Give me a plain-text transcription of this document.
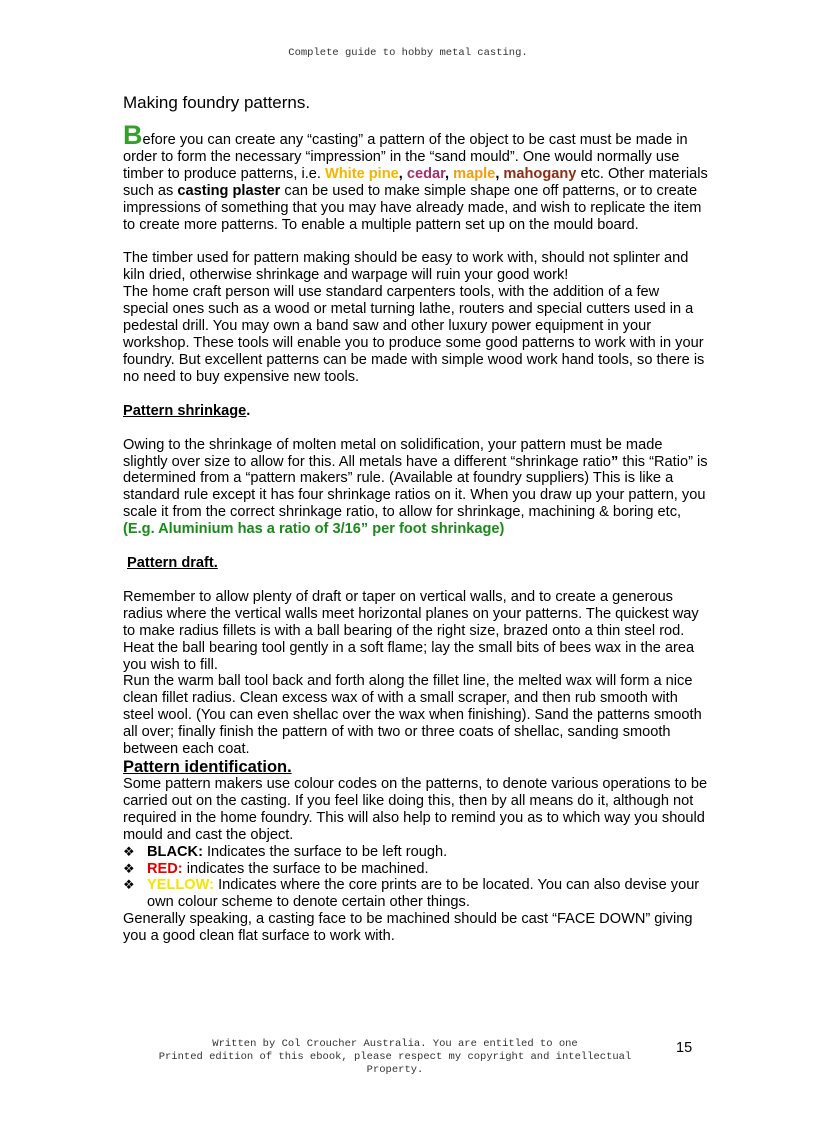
Complete guide to hobby metal casting.

Making foundry patterns.

Before you can create any “casting” a pattern of the object to be cast must be made in order to form the necessary “impression” in the “sand mould”. One would normally use timber to produce patterns, i.e. White pine, cedar, maple, mahogany etc. Other materials such as casting plaster can be used to make simple shape one off patterns, or to create impressions of something that you may have already made, and wish to replicate the item to create more patterns. To enable a multiple pattern set up on the mould board.

The timber used for pattern making should be easy to work with, should not splinter and kiln dried, otherwise shrinkage and warpage will ruin your good work!

The home craft person will use standard carpenters tools, with the addition of a few special ones such as a wood or metal turning lathe, routers and special cutters used in a pedestal drill. You may own a band saw and other luxury power equipment in your workshop. These tools will enable you to produce some good patterns to work with in your foundry. But excellent patterns can be made with simple wood work hand tools, so there is no need to buy expensive new tools.

Pattern shrinkage.

Owing to the shrinkage of molten metal on solidification, your pattern must be made slightly over size to allow for this. All metals have a different “shrinkage ratio” this “Ratio” is determined from a “pattern makers” rule. (Available at foundry suppliers) This is like a standard rule except it has four shrinkage ratios on it. When you draw up your pattern, you scale it from the correct shrinkage ratio, to allow for shrinkage, machining & boring etc, (E.g. Aluminium has a ratio of 3/16” per foot shrinkage)

Pattern draft.

Remember to allow plenty of draft or taper on vertical walls, and to create a generous radius where the vertical walls meet horizontal planes on your patterns. The quickest way to make radius fillets is with a ball bearing of the right size, brazed onto a thin steel rod. Heat the ball bearing tool gently in a soft flame; lay the small bits of bees wax in the area you wish to fill.

Run the warm ball tool back and forth along the fillet line, the melted wax will form a nice clean fillet radius. Clean excess wax of with a small scraper, and then rub smooth with steel wool. (You can even shellac over the wax when finishing). Sand the patterns smooth all over; finally finish the pattern of with two or three coats of shellac, sanding smooth between each coat.

Pattern identification.

Some pattern makers use colour codes on the patterns, to denote various operations to be carried out on the casting. If you feel like doing this, then by all means do it, although not required in the home foundry. This will also help to remind you as to which way you should mould and cast the object.

❖ BLACK: Indicates the surface to be left rough.
❖ RED: indicates the surface to be machined.
❖ YELLOW: Indicates where the core prints are to be located. You can also devise your own colour scheme to denote certain other things.

Generally speaking, a casting face to be machined should be cast “FACE DOWN” giving you a good clean flat surface to work with.

Written by Col Croucher Australia. You are entitled to one
Printed edition of this ebook, please respect my copyright and intellectual
Property.
15
